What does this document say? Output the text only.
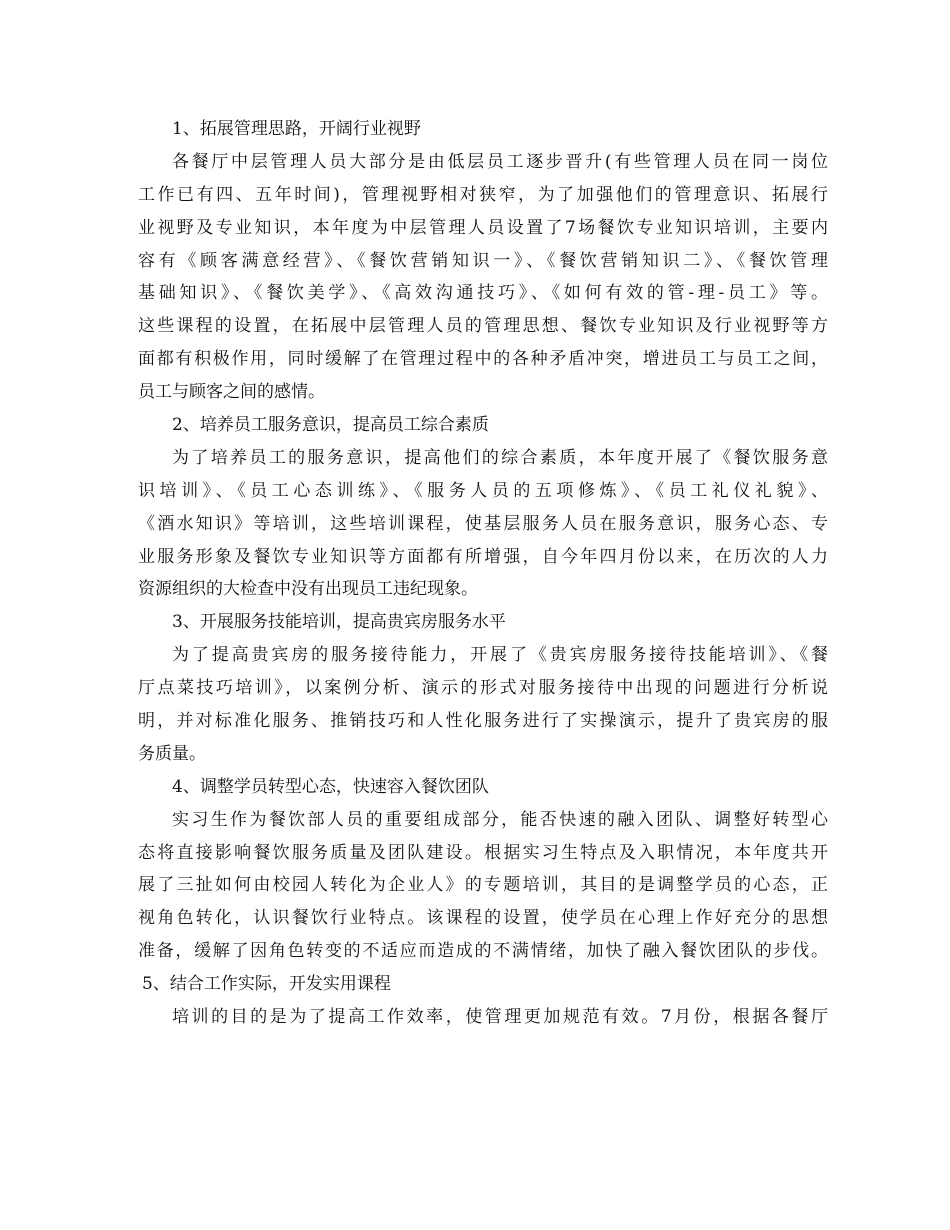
1、拓展管理思路，开阔行业视野
各餐厅中层管理人员大部分是由低层员工逐步晋升(有些管理人员在同一岗位
工作已有四、五年时间)，管理视野相对狭窄，为了加强他们的管理意识、拓展行
业视野及专业知识，本年度为中层管理人员设置了7场餐饮专业知识培训，主要内
容有《顾客满意经营》、《餐饮营销知识一》、《餐饮营销知识二》、《餐饮管理
基础知识》、《餐饮美学》、《高效沟通技巧》、《如何有效的管-理-员工》等。
这些课程的设置，在拓展中层管理人员的管理思想、餐饮专业知识及行业视野等方
面都有积极作用，同时缓解了在管理过程中的各种矛盾冲突，增进员工与员工之间，
员工与顾客之间的感情。
2、培养员工服务意识，提高员工综合素质
为了培养员工的服务意识，提高他们的综合素质，本年度开展了《餐饮服务意
识培训》、《员工心态训练》、《服务人员的五项修炼》、《员工礼仪礼貌》、
《酒水知识》等培训，这些培训课程，使基层服务人员在服务意识，服务心态、专
业服务形象及餐饮专业知识等方面都有所增强，自今年四月份以来，在历次的人力
资源组织的大检查中没有出现员工违纪现象。
3、开展服务技能培训，提高贵宾房服务水平
为了提高贵宾房的服务接待能力，开展了《贵宾房服务接待技能培训》、《餐
厅点菜技巧培训》，以案例分析、演示的形式对服务接待中出现的问题进行分析说
明，并对标准化服务、推销技巧和人性化服务进行了实操演示，提升了贵宾房的服
务质量。
4、调整学员转型心态，快速容入餐饮团队
实习生作为餐饮部人员的重要组成部分，能否快速的融入团队、调整好转型心
态将直接影响餐饮服务质量及团队建设。根据实习生特点及入职情况，本年度共开
展了三扯如何由校园人转化为企业人》的专题培训，其目的是调整学员的心态，正
视角色转化，认识餐饮行业特点。该课程的设置，使学员在心理上作好充分的思想
准备，缓解了因角色转变的不适应而造成的不满情绪，加快了融入餐饮团队的步伐。
5、结合工作实际，开发实用课程
培训的目的是为了提高工作效率，使管理更加规范有效。7月份，根据各餐厅
